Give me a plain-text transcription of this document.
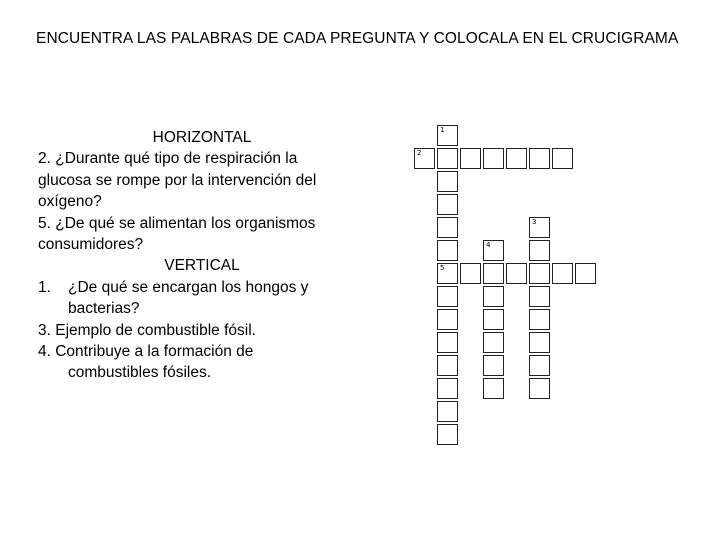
ENCUENTRA LAS PALABRAS DE CADA PREGUNTA Y COLOCALA EN EL CRUCIGRAMA
HORIZONTAL
2. ¿Durante qué tipo de respiración la
glucosa se rompe por la intervención del
oxígeno?
5. ¿De qué se alimentan los organismos
consumidores?
VERTICAL
1. ¿De qué se encargan los hongos y
bacterias?
3. Ejemplo de combustible fósil.
4. Contribuye a la formación de
combustibles fósiles.
1
5
2
3
4
